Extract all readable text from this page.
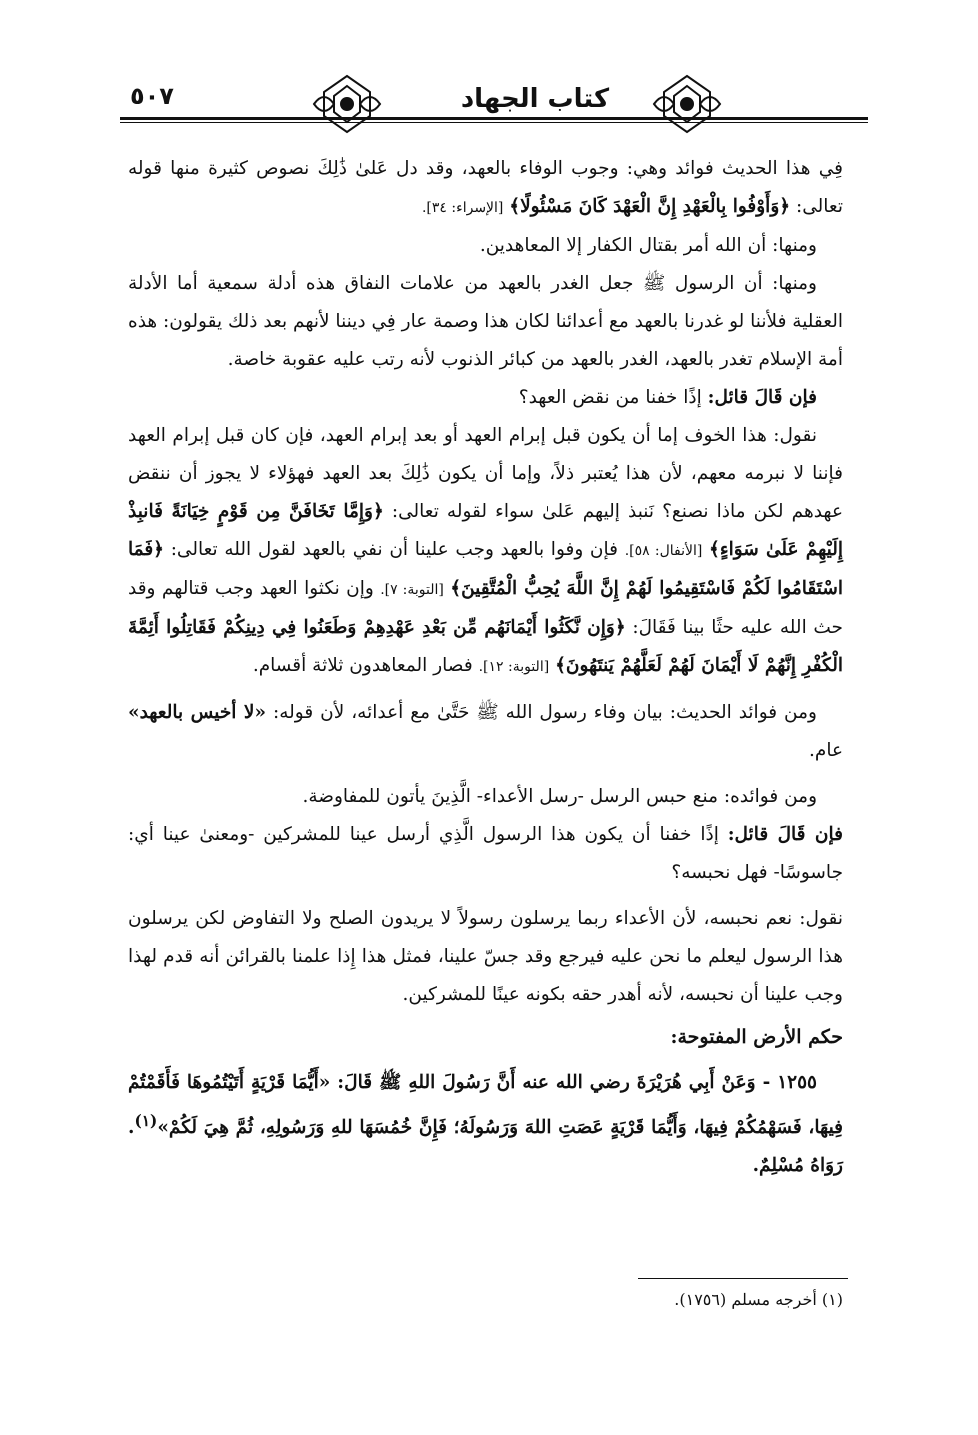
٥٠٧	كتاب الجهاد

فِي هذا الحديث فوائد وهي: وجوب الوفاء بالعهد، وقد دل عَلىٰ ذَٰلِكَ نصوص كثيرة منها قوله تعالى: ﴿وَأَوْفُوا بِالْعَهْدِ إِنَّ الْعَهْدَ كَانَ مَسْئُولًا﴾ [الإسراء: ٣٤].

ومنها: أن الله أمر بقتال الكفار إلا المعاهدين.

ومنها: أن الرسول ﷺ جعل الغدر بالعهد من علامات النفاق هذه أدلة سمعية أما الأدلة العقلية فلأننا لو غدرنا بالعهد مع أعدائنا لكان هذا وصمة عار فِي ديننا لأنهم بعد ذلك يقولون: هذه أمة الإسلام تغدر بالعهد، الغدر بالعهد من كبائر الذنوب لأنه رتب عليه عقوبة خاصة.

فإن قَالَ قائل: إذًا خفنا من نقض العهد؟

نقول: هذا الخوف إما أن يكون قبل إبرام العهد أو بعد إبرام العهد، فإن كان قبل إبرام العهد فإننا لا نبرمه معهم، لأن هذا يُعتبر ذلاً، وإما أن يكون ذَٰلِكَ بعد العهد فهؤلاء لا يجوز أن ننقض عهدهم لكن ماذا نصنع؟ نَنبذ إليهم عَلىٰ سواء لقوله تعالى: ﴿وَإِمَّا تَخَافَنَّ مِن قَوْمٍ خِيَانَةً فَانبِذْ إِلَيْهِمْ عَلَىٰ سَوَاءٍ﴾ [الأنفال: ٥٨]. فإن وفوا بالعهد وجب علينا أن نفي بالعهد لقول الله تعالى: ﴿فَمَا اسْتَقَامُوا لَكُمْ فَاسْتَقِيمُوا لَهُمْ إِنَّ اللَّهَ يُحِبُّ الْمُتَّقِينَ﴾ [التوبة: ٧]. وإن نكثوا العهد وجب قتالهم وقد حث الله عليه حثًا بينا فَقَالَ: ﴿وَإِن نَّكَثُوا أَيْمَانَهُم مِّن بَعْدِ عَهْدِهِمْ وَطَعَنُوا فِي دِينِكُمْ فَقَاتِلُوا أَئِمَّةَ الْكُفْرِ إِنَّهُمْ لَا أَيْمَانَ لَهُمْ لَعَلَّهُمْ يَنتَهُونَ﴾ [التوبة: ١٢]. فصار المعاهدون ثلاثة أقسام.

ومن فوائد الحديث: بيان وفاء رسول الله ﷺ حَتَّىٰ مع أعدائه، لأن قوله: «لا أخيس بالعهد» عام.

ومن فوائده: منع حبس الرسل -رسل الأعداء- الَّذِينَ يأتون للمفاوضة.

فإن قَالَ قائل: إذًا خفنا أن يكون هذا الرسول الَّذِي أرسل عينا للمشركين -ومعنىٰ عينا أي: جاسوسًا- فهل نحبسه؟

نقول: نعم نحبسه، لأن الأعداء ربما يرسلون رسولاً لا يريدون الصلح ولا التفاوض لكن يرسلون هذا الرسول ليعلم ما نحن عليه فيرجع وقد جسّ علينا، فمثل هذا إِذا علمنا بالقرائن أنه قدم لهذا وجب علينا أن نحبسه، لأنه أهدر حقه بكونه عينًا للمشركين.

حكم الأرض المفتوحة:

١٢٥٥ - وَعَنْ أَبِي هُرَيْرَةَ رضي الله عنه أَنَّ رَسُولَ اللهِ ﷺ قَالَ: «أَيُّمَا قَرْيَةٍ أَتَيْتُمُوهَا فَأَقَمْتُمْ فِيهَا، فَسَهْمُكُمْ فِيهَا، وَأَيُّمَا قَرْيَةٍ عَصَتِ اللهَ وَرَسُولَهُ؛ فَإِنَّ خُمُسَهَا للهِ وَرَسُولِهِ، ثُمَّ هِيَ لَكُمْ»$^{(١)}$. رَوَاهُ مُسْلِمٌ.

(١) أخرجه مسلم (١٧٥٦).
